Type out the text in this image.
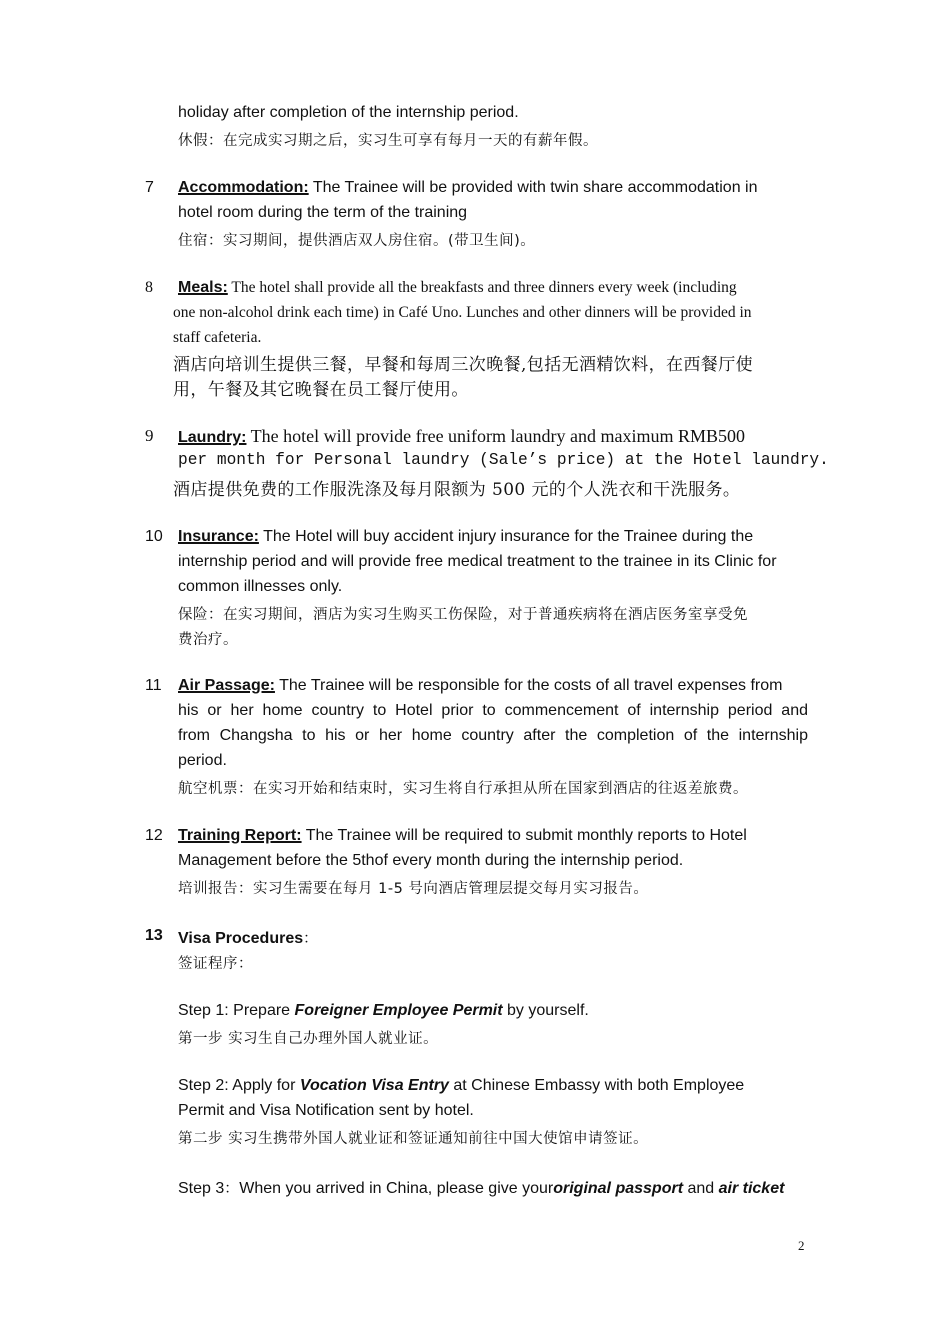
holiday after completion of the internship period.
休假：在完成实习期之后，实习生可享有每月一天的有薪年假。
7 Accommodation: The Trainee will be provided with twin share accommodation in
hotel room during the term of the training
住宿：实习期间，提供酒店双人房住宿。(带卫生间)。
8 Meals: The hotel shall provide all the breakfasts and three dinners every week (including
one non-alcohol drink each time) in Café Uno. Lunches and other dinners will be provided in
staff cafeteria.
酒店向培训生提供三餐，早餐和每周三次晚餐,包括无酒精饮料，在西餐厅使
用，午餐及其它晚餐在员工餐厅使用。
9 Laundry: The hotel will provide free uniform laundry and maximum RMB500
per month for Personal laundry (Sale’s price) at the Hotel laundry.
酒店提供免费的工作服洗涤及每月限额为 500 元的个人洗衣和干洗服务。
10 Insurance: The Hotel will buy accident injury insurance for the Trainee during the
internship period and will provide free medical treatment to the trainee in its Clinic for
common illnesses only.
保险：在实习期间，酒店为实习生购买工伤保险，对于普通疾病将在酒店医务室享受免
费治疗。
11 Air Passage: The Trainee will be responsible for the costs of all travel expenses from
his or her home country to Hotel prior to commencement of internship period and
from Changsha to his or her home country after the completion of the internship
period.
航空机票：在实习开始和结束时，实习生将自行承担从所在国家到酒店的往返差旅费。
12 Training Report: The Trainee will be required to submit monthly reports to Hotel
Management before the 5thof every month during the internship period.
培训报告：实习生需要在每月 1-5 号向酒店管理层提交每月实习报告。
13 Visa Procedures：
签证程序：
Step 1: Prepare Foreigner Employee Permit by yourself.
第一步 实习生自己办理外国人就业证。
Step 2: Apply for Vocation Visa Entry at Chinese Embassy with both Employee
Permit and Visa Notification sent by hotel.
第二步 实习生携带外国人就业证和签证通知前往中国大使馆申请签证。
Step 3：When you arrived in China, please give youroriginal passport and air ticket
2
